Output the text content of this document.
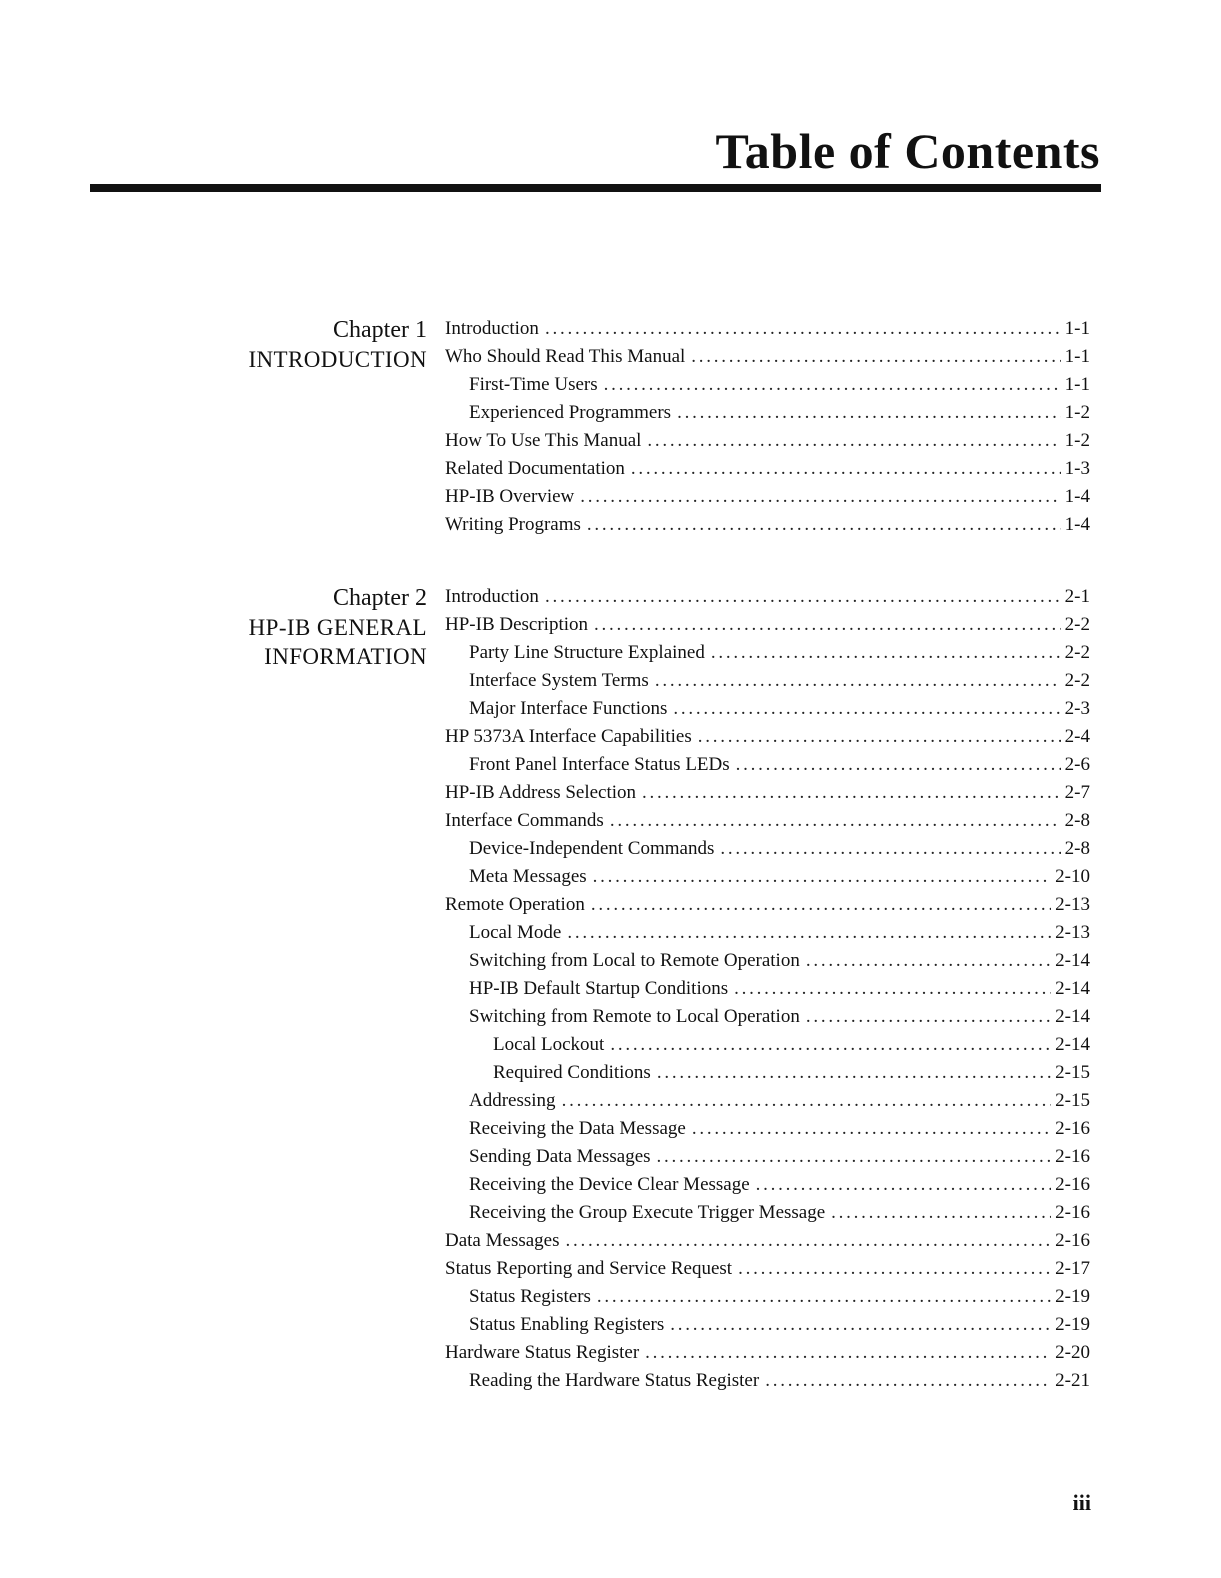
Table of Contents
Chapter 1
INTRODUCTION
Introduction . . .	1-1
Who Should Read This Manual . . .	1-1
First-Time Users . . .	1-1
Experienced Programmers . . .	1-2
How To Use This Manual . . .	1-2
Related Documentation . . .	1-3
HP-IB Overview . . .	1-4
Writing Programs . . .	1-4
Chapter 2
HP-IB GENERAL
INFORMATION
Introduction . . .	2-1
HP-IB Description . . .	2-2
Party Line Structure Explained . . .	2-2
Interface System Terms . . .	2-2
Major Interface Functions . . .	2-3
HP 5373A Interface Capabilities . . .	2-4
Front Panel Interface Status LEDs . . .	2-6
HP-IB Address Selection . . .	2-7
Interface Commands . . .	2-8
Device-Independent Commands . . .	2-8
Meta Messages . . .	2-10
Remote Operation . . .	2-13
Local Mode . . .	2-13
Switching from Local to Remote Operation . . .	2-14
HP-IB Default Startup Conditions . . .	2-14
Switching from Remote to Local Operation . . .	2-14
Local Lockout . . .	2-14
Required Conditions . . .	2-15
Addressing . . .	2-15
Receiving the Data Message . . .	2-16
Sending Data Messages . . .	2-16
Receiving the Device Clear Message . . .	2-16
Receiving the Group Execute Trigger Message . . .	2-16
Data Messages . . .	2-16
Status Reporting and Service Request . . .	2-17
Status Registers . . .	2-19
Status Enabling Registers . . .	2-19
Hardware Status Register . . .	2-20
Reading the Hardware Status Register . . .	2-21
iii
